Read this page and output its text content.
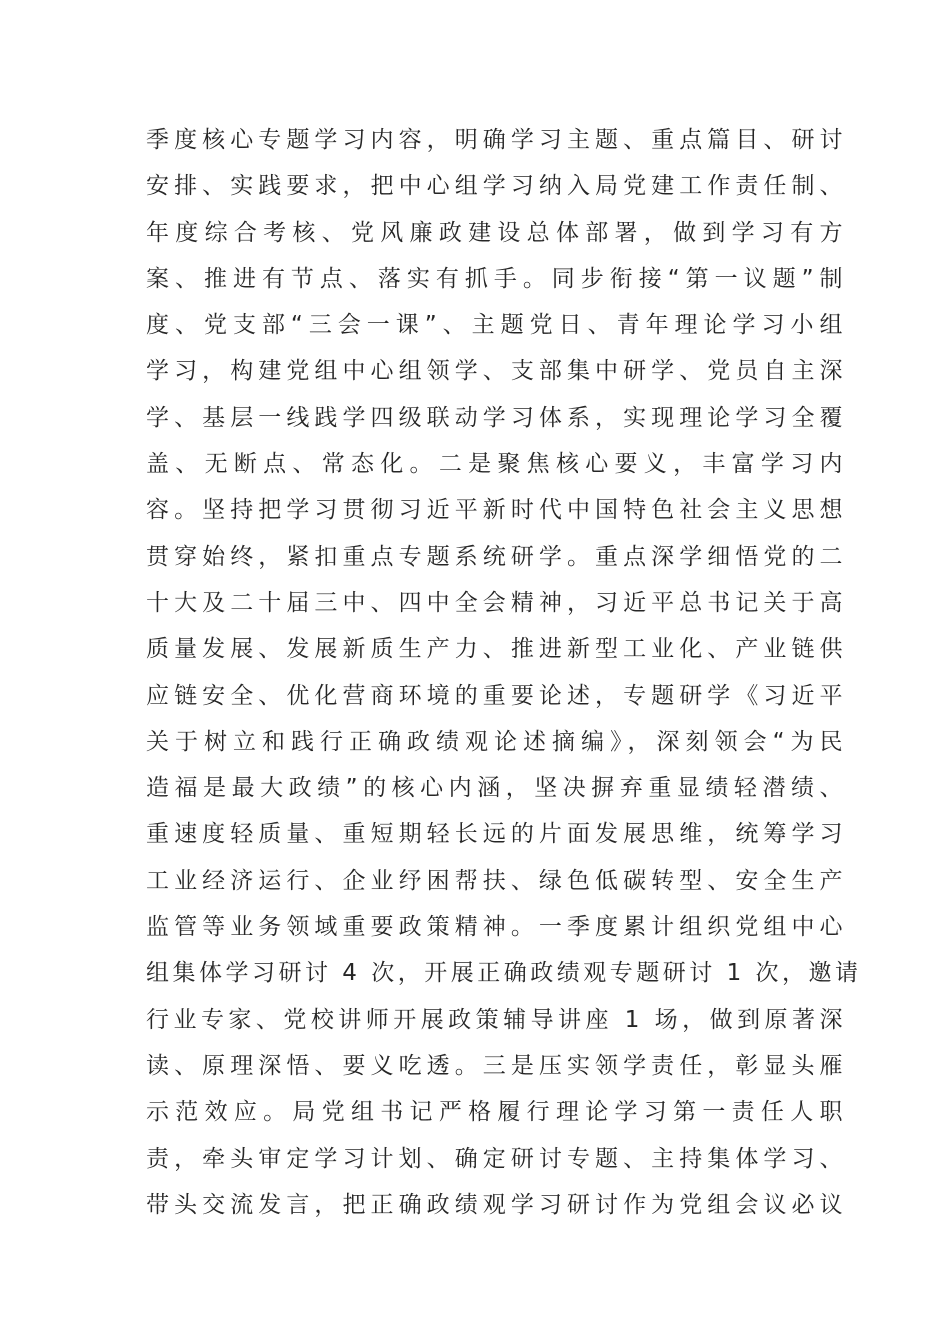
季度核心专题学习内容，明确学习主题、重点篇目、研讨
安排、实践要求，把中心组学习纳入局党建工作责任制、
年度综合考核、党风廉政建设总体部署，做到学习有方
案、推进有节点、落实有抓手。同步衔接“第一议题”制
度、党支部“三会一课”、主题党日、青年理论学习小组
学习，构建党组中心组领学、支部集中研学、党员自主深
学、基层一线践学四级联动学习体系，实现理论学习全覆
盖、无断点、常态化。二是聚焦核心要义，丰富学习内
容。坚持把学习贯彻习近平新时代中国特色社会主义思想
贯穿始终，紧扣重点专题系统研学。重点深学细悟党的二
十大及二十届三中、四中全会精神，习近平总书记关于高
质量发展、发展新质生产力、推进新型工业化、产业链供
应链安全、优化营商环境的重要论述，专题研学《习近平
关于树立和践行正确政绩观论述摘编》，深刻领会“为民
造福是最大政绩”的核心内涵，坚决摒弃重显绩轻潜绩、
重速度轻质量、重短期轻长远的片面发展思维，统筹学习
工业经济运行、企业纾困帮扶、绿色低碳转型、安全生产
监管等业务领域重要政策精神。一季度累计组织党组中心
组集体学习研讨 4 次，开展正确政绩观专题研讨 1 次，邀请
行业专家、党校讲师开展政策辅导讲座 1 场，做到原著深
读、原理深悟、要义吃透。三是压实领学责任，彰显头雁
示范效应。局党组书记严格履行理论学习第一责任人职
责，牵头审定学习计划、确定研讨专题、主持集体学习、
带头交流发言，把正确政绩观学习研讨作为党组会议必议
